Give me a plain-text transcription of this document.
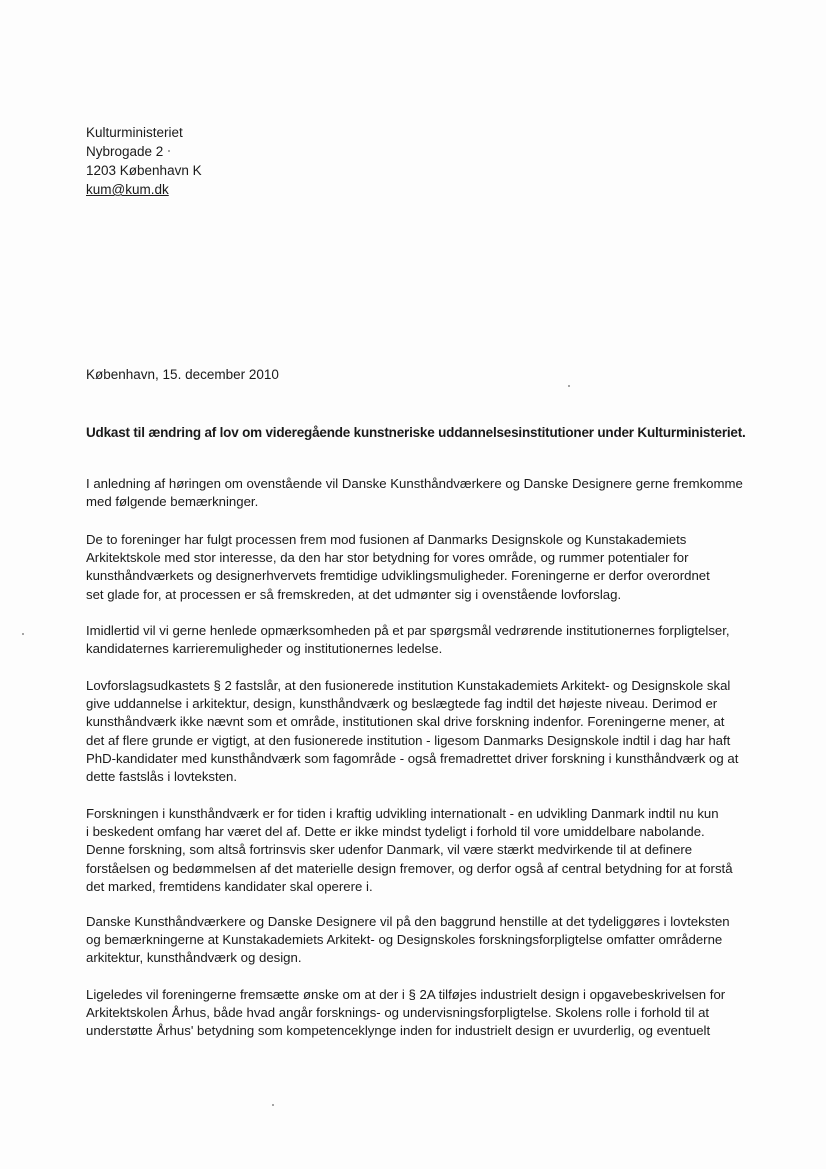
Kulturministeriet
Nybrogade 2
1203 København K
kum@kum.dk
København, 15. december 2010
Udkast til ændring af lov om videregående kunstneriske uddannelsesinstitutioner under Kulturministeriet.
I anledning af høringen om ovenstående vil Danske Kunsthåndværkere og Danske Designere gerne fremkomme
med følgende bemærkninger.
De to foreninger har fulgt processen frem mod fusionen af Danmarks Designskole og Kunstakademiets
Arkitektskole med stor interesse, da den har stor betydning for vores område, og rummer potentialer for
kunsthåndværkets og designerhvervets fremtidige udviklingsmuligheder. Foreningerne er derfor overordnet
set glade for, at processen er så fremskreden, at det udmønter sig i ovenstående lovforslag.
Imidlertid vil vi gerne henlede opmærksomheden på et par spørgsmål vedrørende institutionernes forpligtelser,
kandidaternes karrieremuligheder og institutionernes ledelse.
Lovforslagsudkastets § 2 fastslår, at den fusionerede institution Kunstakademiets Arkitekt- og Designskole skal
give uddannelse i arkitektur, design, kunsthåndværk og beslægtede fag indtil det højeste niveau. Derimod er
kunsthåndværk ikke nævnt som et område, institutionen skal drive forskning indenfor. Foreningerne mener, at
det af flere grunde er vigtigt, at den fusionerede institution - ligesom Danmarks Designskole indtil i dag har haft
PhD-kandidater med kunsthåndværk som fagområde - også fremadrettet driver forskning i kunsthåndværk og at
dette fastslås i lovteksten.
Forskningen i kunsthåndværk er for tiden i kraftig udvikling internationalt - en udvikling Danmark indtil nu kun
i beskedent omfang har været del af. Dette er ikke mindst tydeligt i forhold til vore umiddelbare nabolande.
Denne forskning, som altså fortrinsvis sker udenfor Danmark, vil være stærkt medvirkende til at definere
forståelsen og bedømmelsen af det materielle design fremover, og derfor også af central betydning for at forstå
det marked, fremtidens kandidater skal operere i.
Danske Kunsthåndværkere og Danske Designere vil på den baggrund henstille at det tydeliggøres i lovteksten
og bemærkningerne at Kunstakademiets Arkitekt- og Designskoles forskningsforpligtelse omfatter områderne
arkitektur, kunsthåndværk og design.
Ligeledes vil foreningerne fremsætte ønske om at der i § 2A tilføjes industrielt design i opgavebeskrivelsen for
Arkitektskolen Århus, både hvad angår forsknings- og undervisningsforpligtelse. Skolens rolle i forhold til at
understøtte Århus' betydning som kompetenceklynge inden for industrielt design er uvurderlig, og eventuelt
